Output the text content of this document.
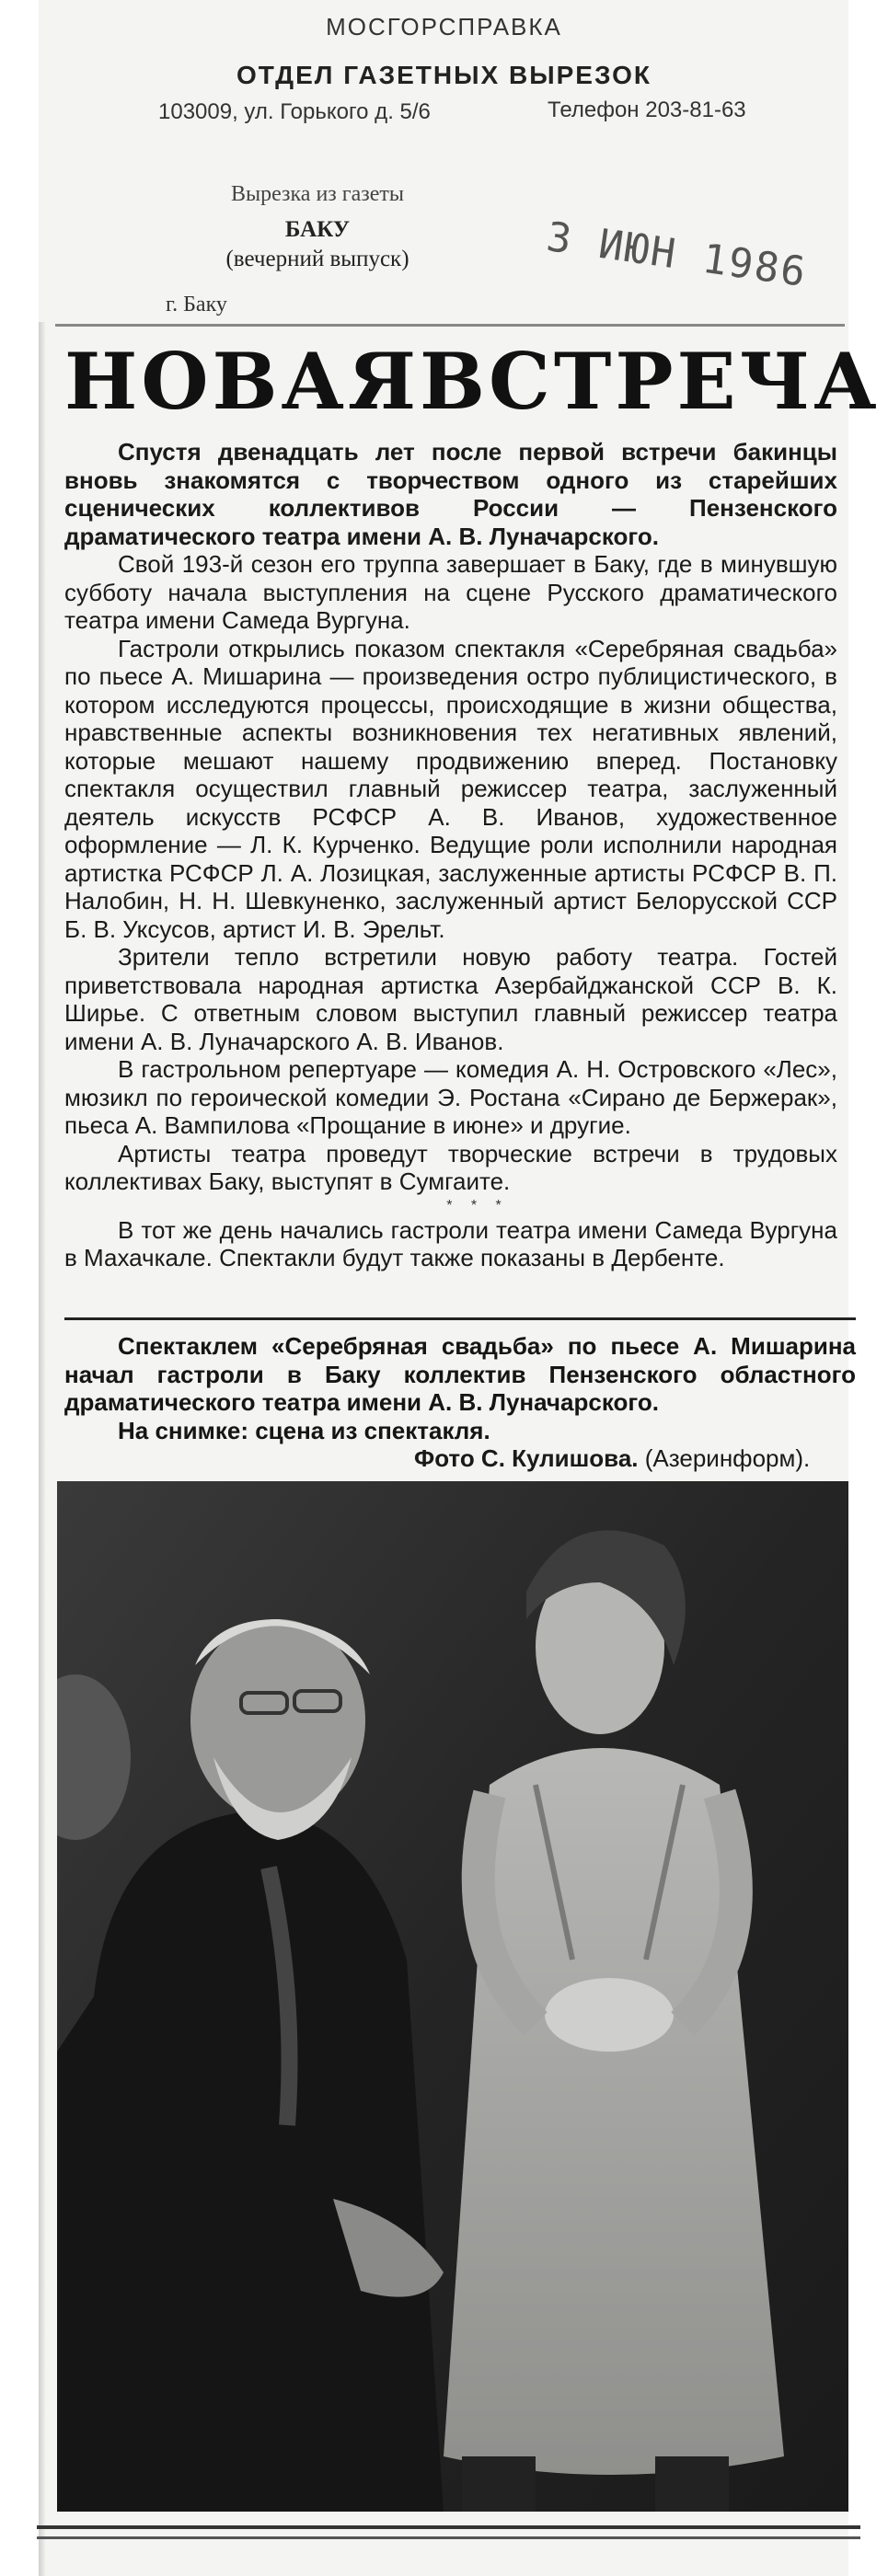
МОСГОРСПРАВКА
ОТДЕЛ ГАЗЕТНЫХ ВЫРЕЗОК
103009, ул. Горького д. 5/6	Телефон 203-81-63
Вырезка из газеты
БАКУ
(вечерний выпуск)
г. Баку
3 ИЮН 1986
НОВАЯ ВСТРЕЧА

Спустя двенадцать лет после первой встречи бакинцы вновь знакомятся с творчеством одного из старейших сценических коллективов России — Пензенского драматического театра имени А. В. Луначарского.

Свой 193-й сезон его труппа завершает в Баку, где в минувшую субботу начала выступления на сцене Русского драматического театра имени Самеда Вургуна.

Гастроли открылись показом спектакля «Серебряная свадьба» по пьесе А. Мишарина — произведения остро публицистического, в котором исследуются процессы, происходящие в жизни общества, нравственные аспекты возникновения тех негативных явлений, которые мешают нашему продвижению вперед. Постановку спектакля осуществил главный режиссер театра, заслуженный деятель искусств РСФСР А. В. Иванов, художественное оформление — Л. К. Курченко. Ведущие роли исполнили народная артистка РСФСР Л. А. Лозицкая, заслуженные артисты РСФСР В. П. Налобин, Н. Н. Шевкуненко, заслуженный артист Белорусской ССР Б. В. Уксусов, артист И. В. Эрельт.

Зрители тепло встретили новую работу театра. Гостей приветствовала народная артистка Азербайджанской ССР В. К. Ширье. С ответным словом выступил главный режиссер театра имени А. В. Луначарского А. В. Иванов.

В гастрольном репертуаре — комедия А. Н. Островского «Лес», мюзикл по героической комедии Э. Ростана «Сирано де Бержерак», пьеса А. Вампилова «Прощание в июне» и другие.

Артисты театра проведут творческие встречи в трудовых коллективах Баку, выступят в Сумгаите.

* * *

В тот же день начались гастроли театра имени Самеда Вургуна в Махачкале. Спектакли будут также показаны в Дербенте.

Спектаклем «Серебряная свадьба» по пьесе А. Мишарина начал гастроли в Баку коллектив Пензенского областного драматического театра имени А. В. Луначарского.

На снимке: сцена из спектакля.

Фото С. Кулишова. (Азеринформ).
